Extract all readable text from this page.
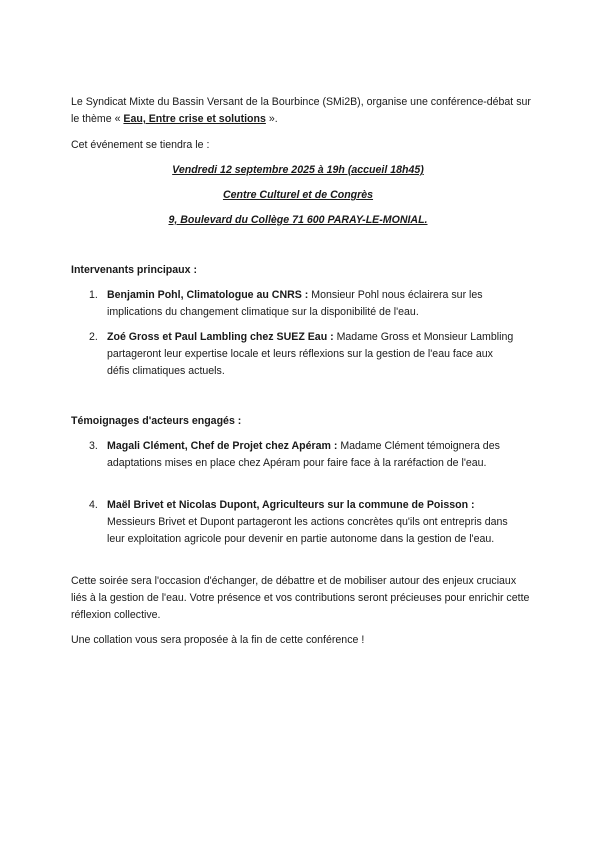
Le Syndicat Mixte du Bassin Versant de la Bourbince (SMi2B), organise une conférence-débat sur le thème « Eau, Entre crise et solutions ».

Cet événement se tiendra le :

Vendredi 12 septembre 2025 à 19h (accueil 18h45)

Centre Culturel et de Congrès

9, Boulevard du Collège 71 600 PARAY-LE-MONIAL.

Intervenants principaux :

1. Benjamin Pohl, Climatologue au CNRS : Monsieur Pohl nous éclairera sur les implications du changement climatique sur la disponibilité de l'eau.
2. Zoé Gross et Paul Lambling chez SUEZ Eau : Madame Gross et Monsieur Lambling partageront leur expertise locale et leurs réflexions sur la gestion de l'eau face aux défis climatiques actuels.

Témoignages d'acteurs engagés :

3. Magali Clément, Chef de Projet chez Apéram : Madame Clément témoignera des adaptations mises en place chez Apéram pour faire face à la raréfaction de l'eau.
4. Maël Brivet et Nicolas Dupont, Agriculteurs sur la commune de Poisson : Messieurs Brivet et Dupont partageront les actions concrètes qu'ils ont entrepris dans leur exploitation agricole pour devenir en partie autonome dans la gestion de l'eau.

Cette soirée sera l'occasion d'échanger, de débattre et de mobiliser autour des enjeux cruciaux liés à la gestion de l'eau. Votre présence et vos contributions seront précieuses pour enrichir cette réflexion collective.

Une collation vous sera proposée à la fin de cette conférence !
